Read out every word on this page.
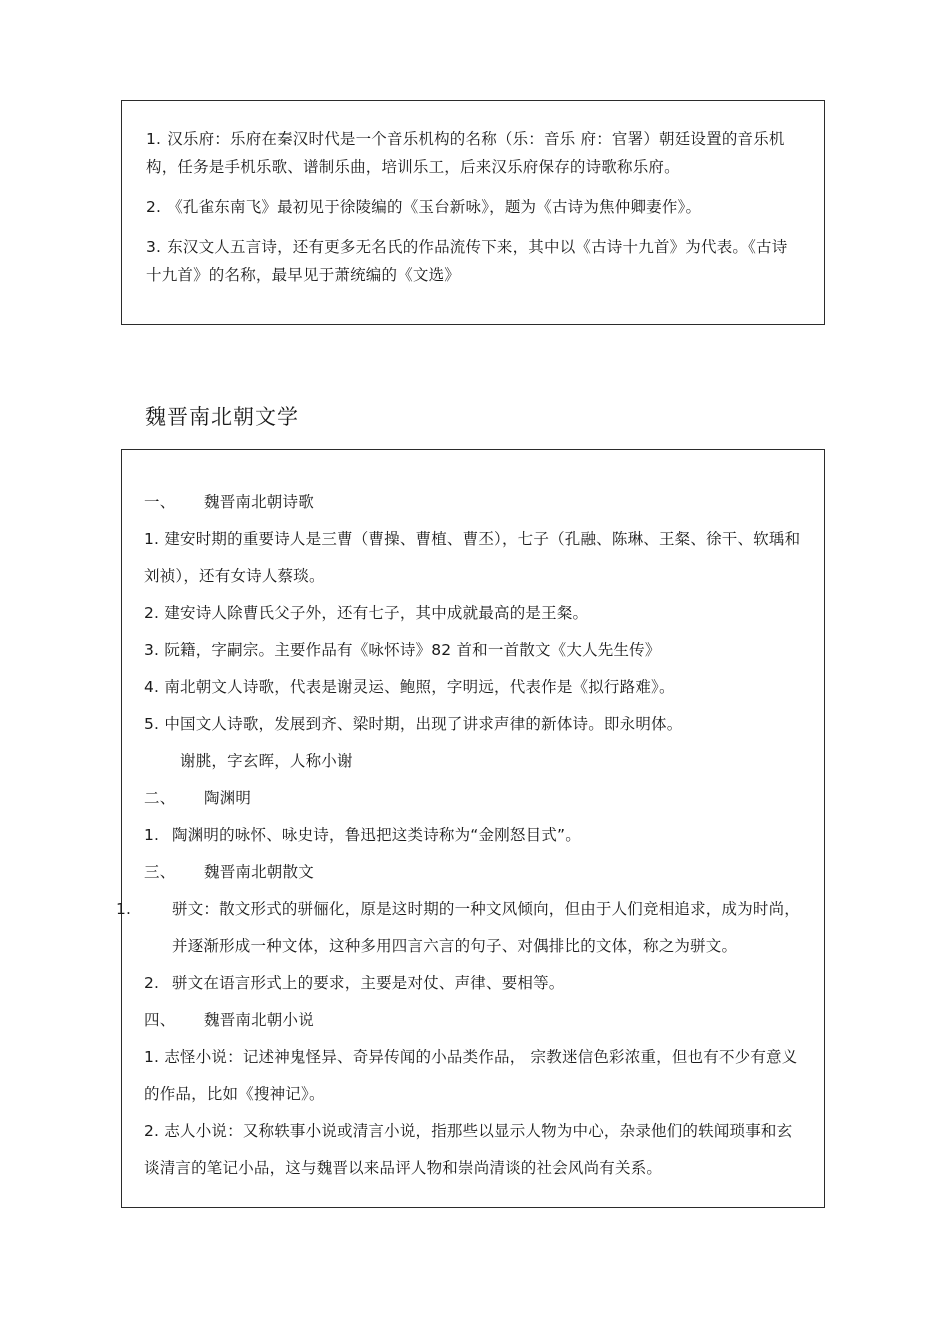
1. 汉乐府：乐府在秦汉时代是一个音乐机构的名称（乐：音乐 府：官署）朝廷设置的音乐机构，任务是手机乐歌、谱制乐曲，培训乐工，后来汉乐府保存的诗歌称乐府。

2. 《孔雀东南飞》最初见于徐陵编的《玉台新咏》，题为《古诗为焦仲卿妻作》。

3. 东汉文人五言诗，还有更多无名氏的作品流传下来，其中以《古诗十九首》为代表。《古诗十九首》的名称，最早见于萧统编的《文选》

魏晋南北朝文学
一、 魏晋南北朝诗歌
1. 建安时期的重要诗人是三曹（曹操、曹植、曹丕），七子（孔融、陈琳、王粲、徐干、软瑀和刘祯），还有女诗人蔡琰。
2. 建安诗人除曹氏父子外，还有七子，其中成就最高的是王粲。
3. 阮籍，字嗣宗。主要作品有《咏怀诗》82 首和一首散文《大人先生传》
4. 南北朝文人诗歌，代表是谢灵运、鲍照，字明远，代表作是《拟行路难》。
5. 中国文人诗歌，发展到齐、梁时期，出现了讲求声律的新体诗。即永明体。
谢朓，字玄晖，人称小谢
二、 陶渊明
1. 陶渊明的咏怀、咏史诗，鲁迅把这类诗称为“金刚怒目式”。
三、 魏晋南北朝散文
1.	骈文：散文形式的骈俪化，原是这时期的一种文风倾向，但由于人们竞相追求，成为时尚，并逐渐形成一种文体，这种多用四言六言的句子、对偶排比的文体，称之为骈文。
2. 骈文在语言形式上的要求，主要是对仗、声律、要相等。
四、 魏晋南北朝小说
1. 志怪小说：记述神鬼怪异、奇异传闻的小品类作品， 宗教迷信色彩浓重，但也有不少有意义的作品，比如《搜神记》。
2. 志人小说：又称轶事小说或清言小说，指那些以显示人物为中心，杂录他们的轶闻琐事和玄谈清言的笔记小品，这与魏晋以来品评人物和崇尚清谈的社会风尚有关系。
